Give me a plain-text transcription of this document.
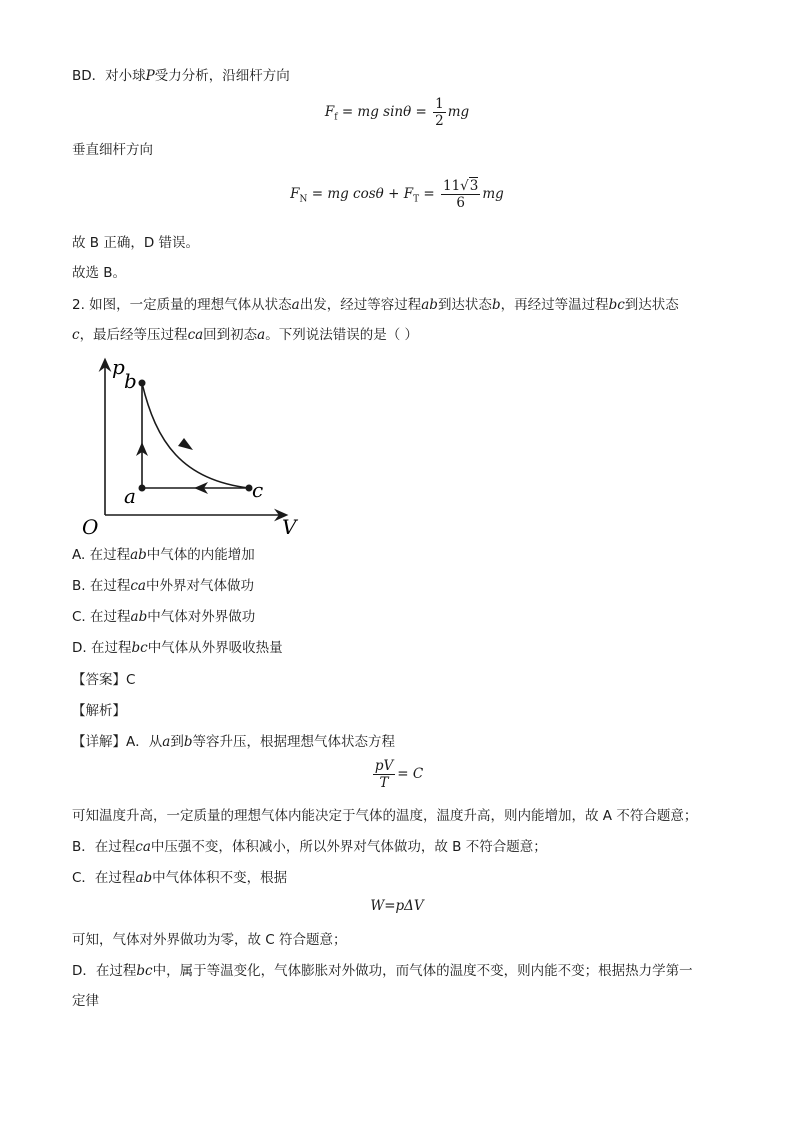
BD．对小球P受力分析，沿细杆方向
$F_f$ = mg $\sin\theta = \frac{1}{2}$ mg
垂直细杆方向
$F_N$ = mg $\cos\theta + F_T = \frac{11√3}{6}$ mg
故 B 正确，D 错误。
故选 B。
2. 如图，一定质量的理想气体从状态a出发，经过等容过程ab到达状态b，再经过等温过程bc到达状态
c，最后经等压过程ca回到初态a。下列说法错误的是（ ）
p
V
O
a
b
c
A. 在过程ab中气体的内能增加
B. 在过程ca中外界对气体做功
C. 在过程ab中气体对外界做功
D. 在过程bc中气体从外界吸收热量
【答案】C
【解析】
【详解】A．从a到b等容升压，根据理想气体状态方程
$\frac{pV}{T} = C$
可知温度升高，一定质量的理想气体内能决定于气体的温度，温度升高，则内能增加，故 A 不符合题意；
B．在过程ca中压强不变，体积减小，所以外界对气体做功，故 B 不符合题意；
C．在过程ab中气体体积不变，根据
W=pΔV
可知，气体对外界做功为零，故 C 符合题意；
D．在过程bc中，属于等温变化，气体膨胀对外做功，而气体的温度不变，则内能不变；根据热力学第一
定律
